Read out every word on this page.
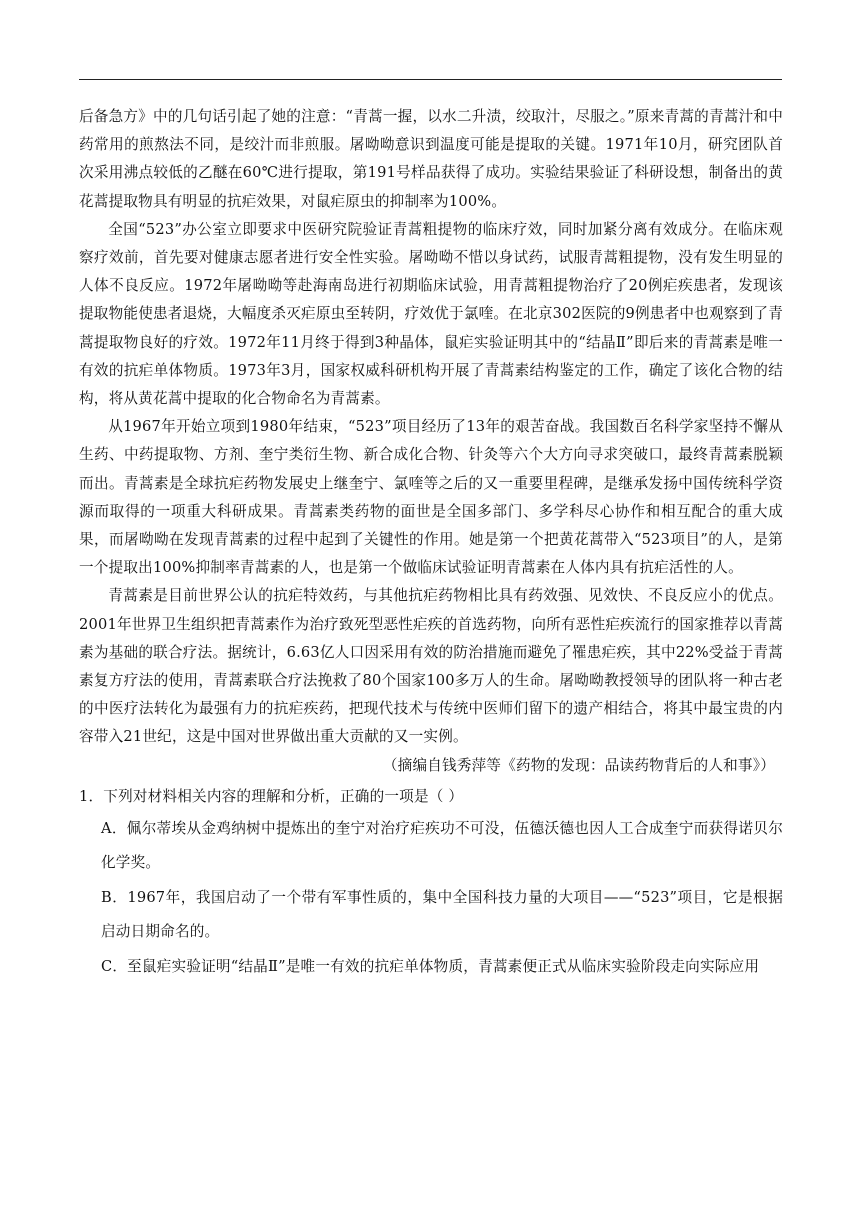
后备急方》中的几句话引起了她的注意：“青蒿一握，以水二升渍，绞取汁，尽服之。”原来青蒿的青蒿汁和中药常用的煎熬法不同，是绞汁而非煎服。屠呦呦意识到温度可能是提取的关键。1971年10月，研究团队首次采用沸点较低的乙醚在60℃进行提取，第191号样品获得了成功。实验结果验证了科研设想，制备出的黄花蒿提取物具有明显的抗疟效果，对鼠疟原虫的抑制率为100%。

全国“523”办公室立即要求中医研究院验证青蒿粗提物的临床疗效，同时加紧分离有效成分。在临床观察疗效前，首先要对健康志愿者进行安全性实验。屠呦呦不惜以身试药，试服青蒿粗提物，没有发生明显的人体不良反应。1972年屠呦呦等赴海南岛进行初期临床试验，用青蒿粗提物治疗了20例疟疾患者，发现该提取物能使患者退烧，大幅度杀灭疟原虫至转阴，疗效优于氯喹。在北京302医院的9例患者中也观察到了青蒿提取物良好的疗效。1972年11月终于得到3种晶体，鼠疟实验证明其中的“结晶Ⅱ”即后来的青蒿素是唯一有效的抗疟单体物质。1973年3月，国家权威科研机构开展了青蒿素结构鉴定的工作，确定了该化合物的结构，将从黄花蒿中提取的化合物命名为青蒿素。

从1967年开始立项到1980年结束，“523”项目经历了13年的艰苦奋战。我国数百名科学家坚持不懈从生药、中药提取物、方剂、奎宁类衍生物、新合成化合物、针灸等六个大方向寻求突破口，最终青蒿素脱颖而出。青蒿素是全球抗疟药物发展史上继奎宁、氯喹等之后的又一重要里程碑，是继承发扬中国传统科学资源而取得的一项重大科研成果。青蒿素类药物的面世是全国多部门、多学科尽心协作和相互配合的重大成果，而屠呦呦在发现青蒿素的过程中起到了关键性的作用。她是第一个把黄花蒿带入“523项目”的人，是第一个提取出100%抑制率青蒿素的人，也是第一个做临床试验证明青蒿素在人体内具有抗疟活性的人。

青蒿素是目前世界公认的抗疟特效药，与其他抗疟药物相比具有药效强、见效快、不良反应小的优点。2001年世界卫生组织把青蒿素作为治疗致死型恶性疟疾的首选药物，向所有恶性疟疾流行的国家推荐以青蒿素为基础的联合疗法。据统计，6.63亿人口因采用有效的防治措施而避免了罹患疟疾，其中22%受益于青蒿素复方疗法的使用，青蒿素联合疗法挽救了80个国家100多万人的生命。屠呦呦教授领导的团队将一种古老的中医疗法转化为最强有力的抗疟疾药，把现代技术与传统中医师们留下的遗产相结合，将其中最宝贵的内容带入21世纪，这是中国对世界做出重大贡献的又一实例。

（摘编自钱秀萍等《药物的发现：品读药物背后的人和事》）

1．下列对材料相关内容的理解和分析，正确的一项是（ ）

A．佩尔蒂埃从金鸡纳树中提炼出的奎宁对治疗疟疾功不可没，伍德沃德也因人工合成奎宁而获得诺贝尔化学奖。

B．1967年，我国启动了一个带有军事性质的，集中全国科技力量的大项目——“523”项目，它是根据启动日期命名的。

C．至鼠疟实验证明“结晶Ⅱ”是唯一有效的抗疟单体物质，青蒿素便正式从临床实验阶段走向实际应用
